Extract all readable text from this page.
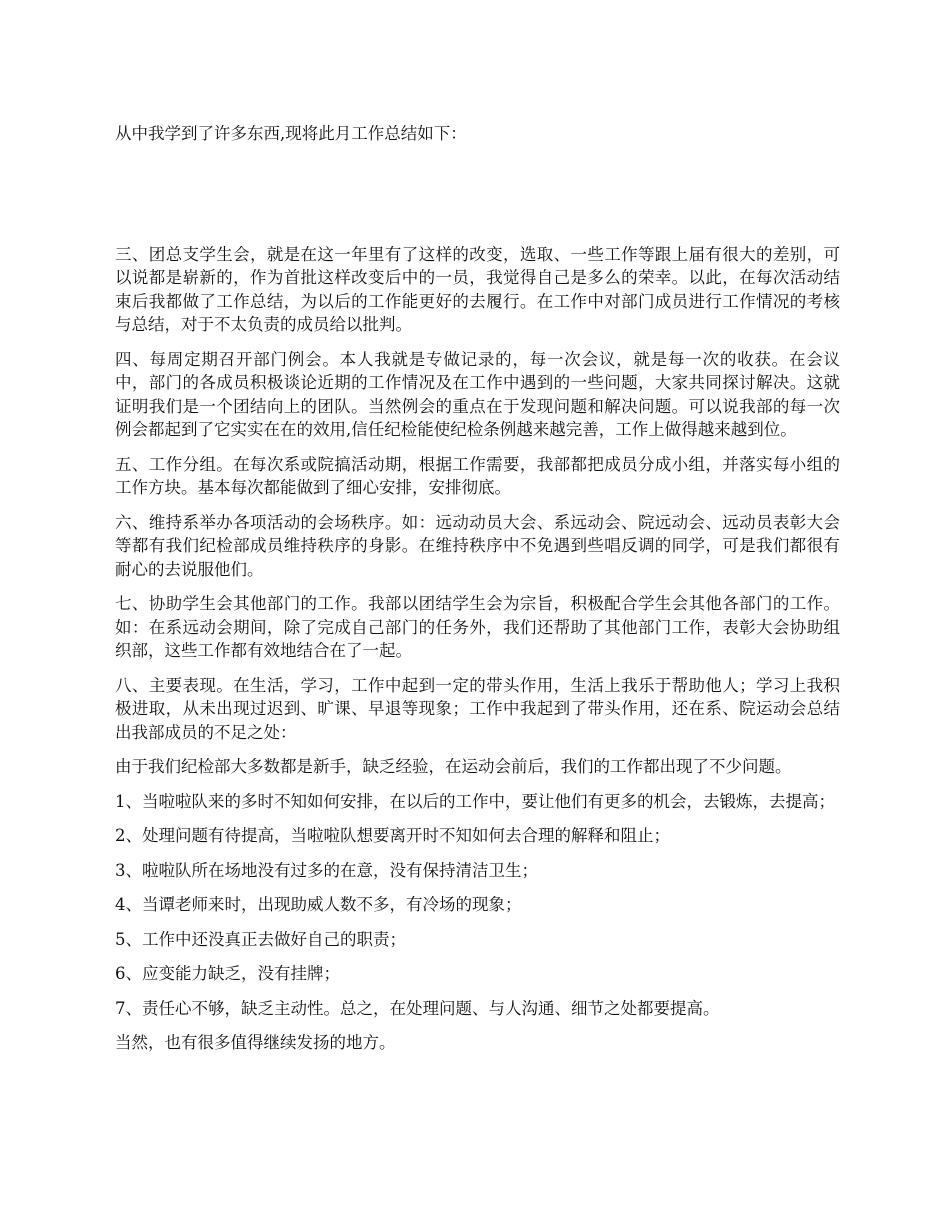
从中我学到了许多东西,现将此月工作总结如下：

三、团总支学生会，就是在这一年里有了这样的改变，选取、一些工作等跟上届有很大的差别，可以说都是崭新的，作为首批这样改变后中的一员，我觉得自己是多么的荣幸。以此，在每次活动结束后我都做了工作总结，为以后的工作能更好的去履行。在工作中对部门成员进行工作情况的考核与总结，对于不太负责的成员给以批判。

四、每周定期召开部门例会。本人我就是专做记录的，每一次会议，就是每一次的收获。在会议中，部门的各成员积极谈论近期的工作情况及在工作中遇到的一些问题，大家共同探讨解决。这就证明我们是一个团结向上的团队。当然例会的重点在于发现问题和解决问题。可以说我部的每一次例会都起到了它实实在在的效用,信任纪检能使纪检条例越来越完善，工作上做得越来越到位。

五、工作分组。在每次系或院搞活动期，根据工作需要，我部都把成员分成小组，并落实每小组的工作方块。基本每次都能做到了细心安排，安排彻底。

六、维持系举办各项活动的会场秩序。如：远动动员大会、系远动会、院远动会、远动员表彰大会等都有我们纪检部成员维持秩序的身影。在维持秩序中不免遇到些唱反调的同学，可是我们都很有耐心的去说服他们。

七、协助学生会其他部门的工作。我部以团结学生会为宗旨，积极配合学生会其他各部门的工作。如：在系远动会期间，除了完成自己部门的任务外，我们还帮助了其他部门工作，表彰大会协助组织部，这些工作都有效地结合在了一起。

八、主要表现。在生活，学习，工作中起到一定的带头作用，生活上我乐于帮助他人；学习上我积极进取，从未出现过迟到、旷课、早退等现象；工作中我起到了带头作用，还在系、院运动会总结出我部成员的不足之处：

由于我们纪检部大多数都是新手，缺乏经验，在运动会前后，我们的工作都出现了不少问题。

1、当啦啦队来的多时不知如何安排，在以后的工作中，要让他们有更多的机会，去锻炼，去提高；

2、处理问题有待提高，当啦啦队想要离开时不知如何去合理的解释和阻止；

3、啦啦队所在场地没有过多的在意，没有保持清洁卫生；

4、当谭老师来时，出现助威人数不多，有冷场的现象；

5、工作中还没真正去做好自己的职责；

6、应变能力缺乏，没有挂牌；

7、责任心不够，缺乏主动性。总之，在处理问题、与人沟通、细节之处都要提高。

当然，也有很多值得继续发扬的地方。
